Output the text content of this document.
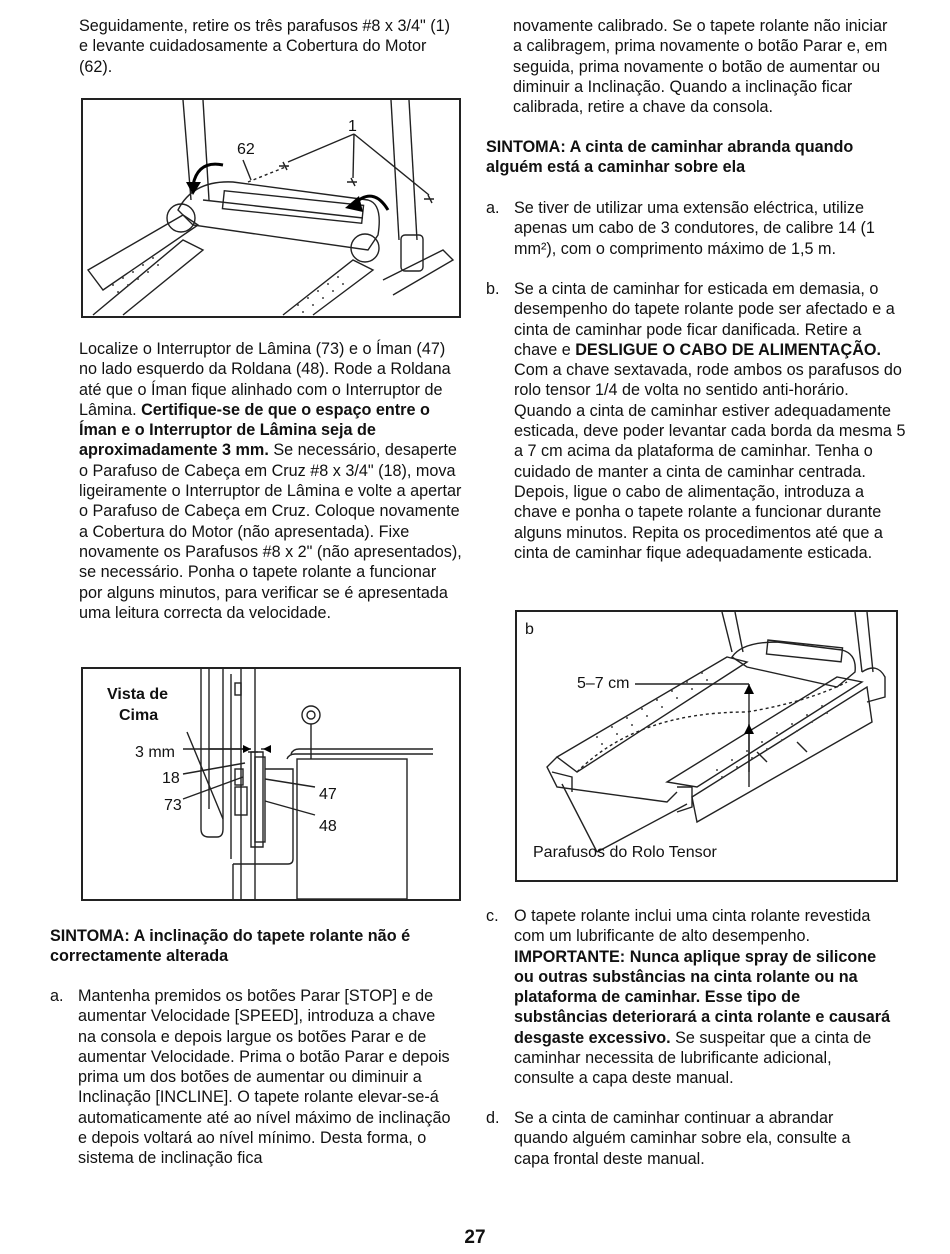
Seguidamente, retire os três parafusos #8 x 3/4" (1) e levante cuidadosamente a Cobertura do Motor (62).

62
1

Localize o Interruptor de Lâmina (73) e o Íman (47) no lado esquerdo da Roldana (48). Rode a Roldana até que o Íman fique alinhado com o Interruptor de Lâmina. Certifique-se de que o espaço entre o Íman e o Interruptor de Lâmina seja de aproximadamente 3 mm. Se necessário, desaperte o Parafuso de Cabeça em Cruz #8 x 3/4" (18), mova ligeiramente o Interruptor de Lâmina e volte a apertar o Parafuso de Cabeça em Cruz. Coloque novamente a Cobertura do Motor (não apresentada). Fixe novamente os Parafusos #8 x 2" (não apresentados), se necessário. Ponha o tapete rolante a funcionar por alguns minutos, para verificar se é apresentada uma leitura correcta da velocidade.

Vista de
Cima
3 mm
18
73
47
48
SINTOMA: A inclinação do tapete rolante não é correctamente alterada
a. Mantenha premidos os botões Parar [STOP] e de aumentar Velocidade [SPEED], introduza a chave na consola e depois largue os botões Parar e de aumentar Velocidade. Prima o botão Parar e depois prima um dos botões de aumentar ou diminuir a Inclinação [INCLINE]. O tapete rolante elevar-se-á automaticamente até ao nível máximo de inclinação e depois voltará ao nível mínimo. Desta forma, o sistema de inclinação fica

novamente calibrado. Se o tapete rolante não iniciar a calibragem, prima novamente o botão Parar e, em seguida, prima novamente o botão de aumentar ou diminuir a Inclinação. Quando a inclinação ficar calibrada, retire a chave da consola.

SINTOMA: A cinta de caminhar abranda quando alguém está a caminhar sobre ela
a. Se tiver de utilizar uma extensão eléctrica, utilize apenas um cabo de 3 condutores, de calibre 14 (1 mm²), com o comprimento máximo de 1,5 m.
b. Se a cinta de caminhar for esticada em demasia, o desempenho do tapete rolante pode ser afectado e a cinta de caminhar pode ficar danificada. Retire a chave e DESLIGUE O CABO DE ALIMENTAÇÃO. Com a chave sextavada, rode ambos os parafusos do rolo tensor 1/4 de volta no sentido anti-horário. Quando a cinta de caminhar estiver adequadamente esticada, deve poder levantar cada borda da mesma 5 a 7 cm acima da plataforma de caminhar. Tenha o cuidado de manter a cinta de caminhar centrada. Depois, ligue o cabo de alimentação, introduza a chave e ponha o tapete rolante a funcionar durante alguns minutos. Repita os procedimentos até que a cinta de caminhar fique adequadamente esticada.
b
5–7 cm
Parafusos do Rolo Tensor
c. O tapete rolante inclui uma cinta rolante revestida com um lubrificante de alto desempenho. IMPORTANTE: Nunca aplique spray de silicone ou outras substâncias na cinta rolante ou na plataforma de caminhar. Esse tipo de substâncias deteriorará a cinta rolante e causará desgaste excessivo. Se suspeitar que a cinta de caminhar necessita de lubrificante adicional, consulte a capa deste manual.
d. Se a cinta de caminhar continuar a abrandar quando alguém caminhar sobre ela, consulte a capa frontal deste manual.
27
